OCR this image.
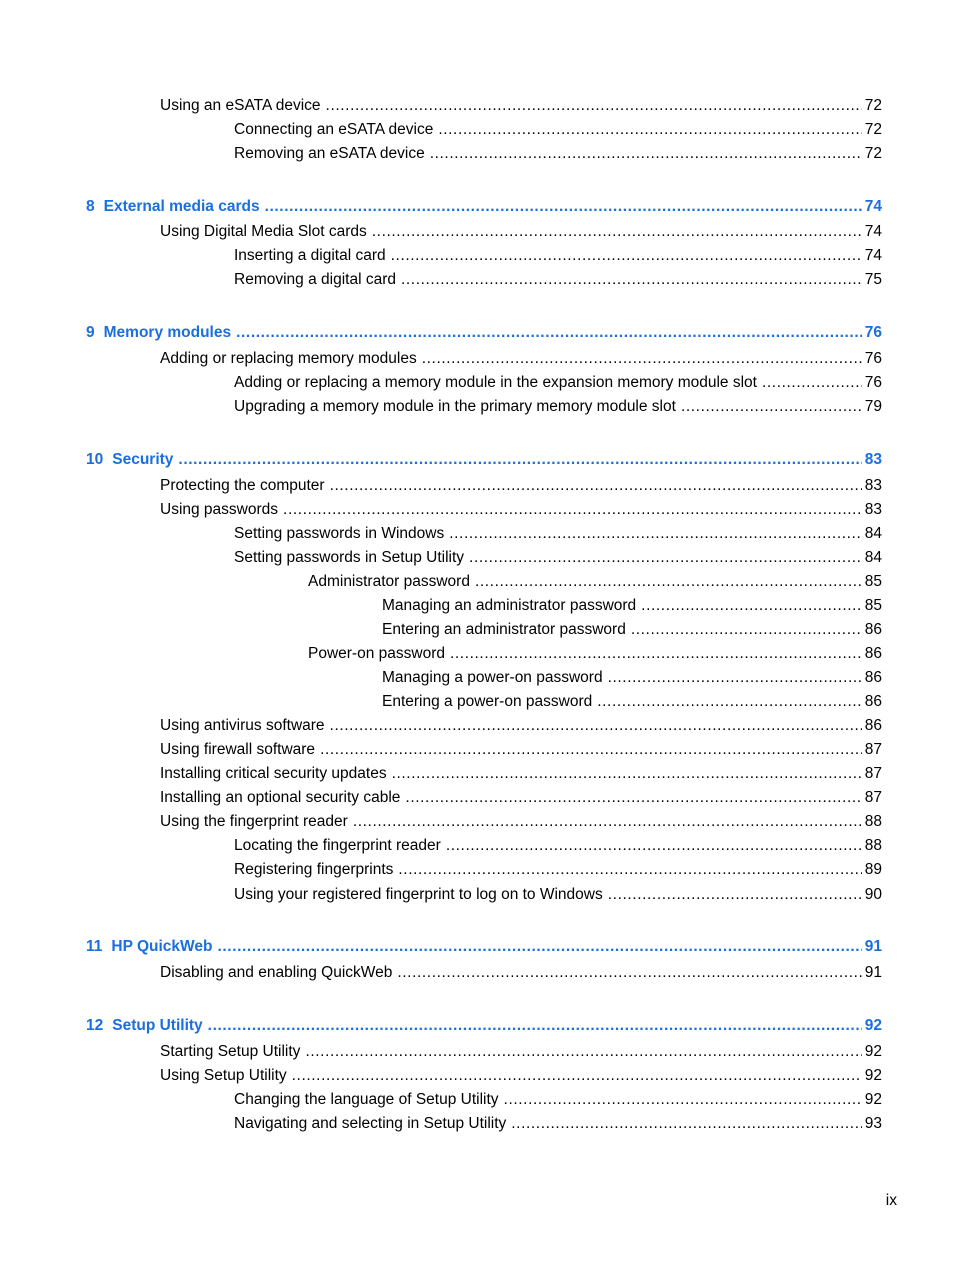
Using an eSATA device .....	72
Connecting an eSATA device .....	72
Removing an eSATA device .....	72
8 External media cards .....	74
Using Digital Media Slot cards .....	74
Inserting a digital card .....	74
Removing a digital card .....	75
9 Memory modules .....	76
Adding or replacing memory modules .....	76
Adding or replacing a memory module in the expansion memory module slot .....	76
Upgrading a memory module in the primary memory module slot .....	79
10 Security .....	83
Protecting the computer .....	83
Using passwords .....	83
Setting passwords in Windows .....	84
Setting passwords in Setup Utility .....	84
Administrator password .....	85
Managing an administrator password .....	85
Entering an administrator password .....	86
Power-on password .....	86
Managing a power-on password .....	86
Entering a power-on password .....	86
Using antivirus software .....	86
Using firewall software .....	87
Installing critical security updates .....	87
Installing an optional security cable .....	87
Using the fingerprint reader .....	88
Locating the fingerprint reader .....	88
Registering fingerprints .....	89
Using your registered fingerprint to log on to Windows .....	90
11 HP QuickWeb .....	91
Disabling and enabling QuickWeb .....	91
12 Setup Utility .....	92
Starting Setup Utility .....	92
Using Setup Utility .....	92
Changing the language of Setup Utility .....	92
Navigating and selecting in Setup Utility .....	93
ix
